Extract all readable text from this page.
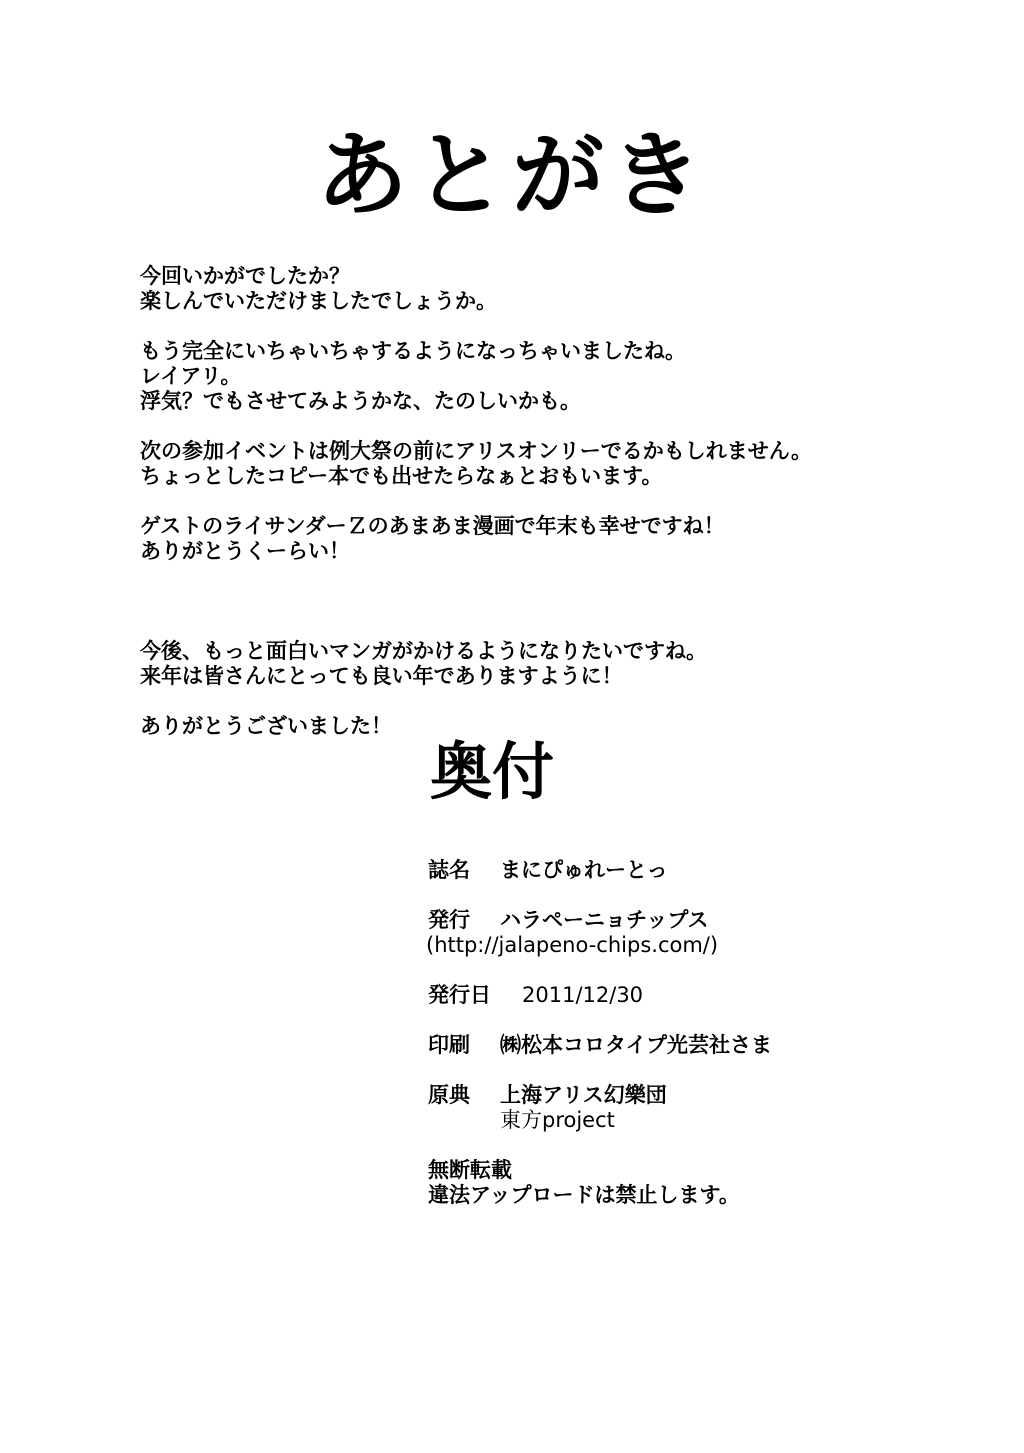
あとがき

今回いかがでしたか？
楽しんでいただけましたでしょうか。

もう完全にいちゃいちゃするようになっちゃいましたね。
レイアリ。
浮気？でもさせてみようかな、たのしいかも。

次の参加イベントは例大祭の前にアリスオンリーでるかもしれません。
ちょっとしたコピー本でも出せたらなぁとおもいます。

ゲストのライサンダーＺのあまあま漫画で年末も幸せですね！
ありがとうくーらい！

今後、もっと面白いマンガがかけるようになりたいですね。
来年は皆さんにとっても良い年でありますように！

ありがとうございました！

奥付
誌名	まにぴゅれーとっ
発行	ハラペーニョチップス
(http://jalapeno-chips.com/)
発行日	2011/12/30
印刷	㈱松本コロタイプ光芸社さま
原典	上海アリス幻樂団
東方project
無断転載
違法アップロードは禁止します。
